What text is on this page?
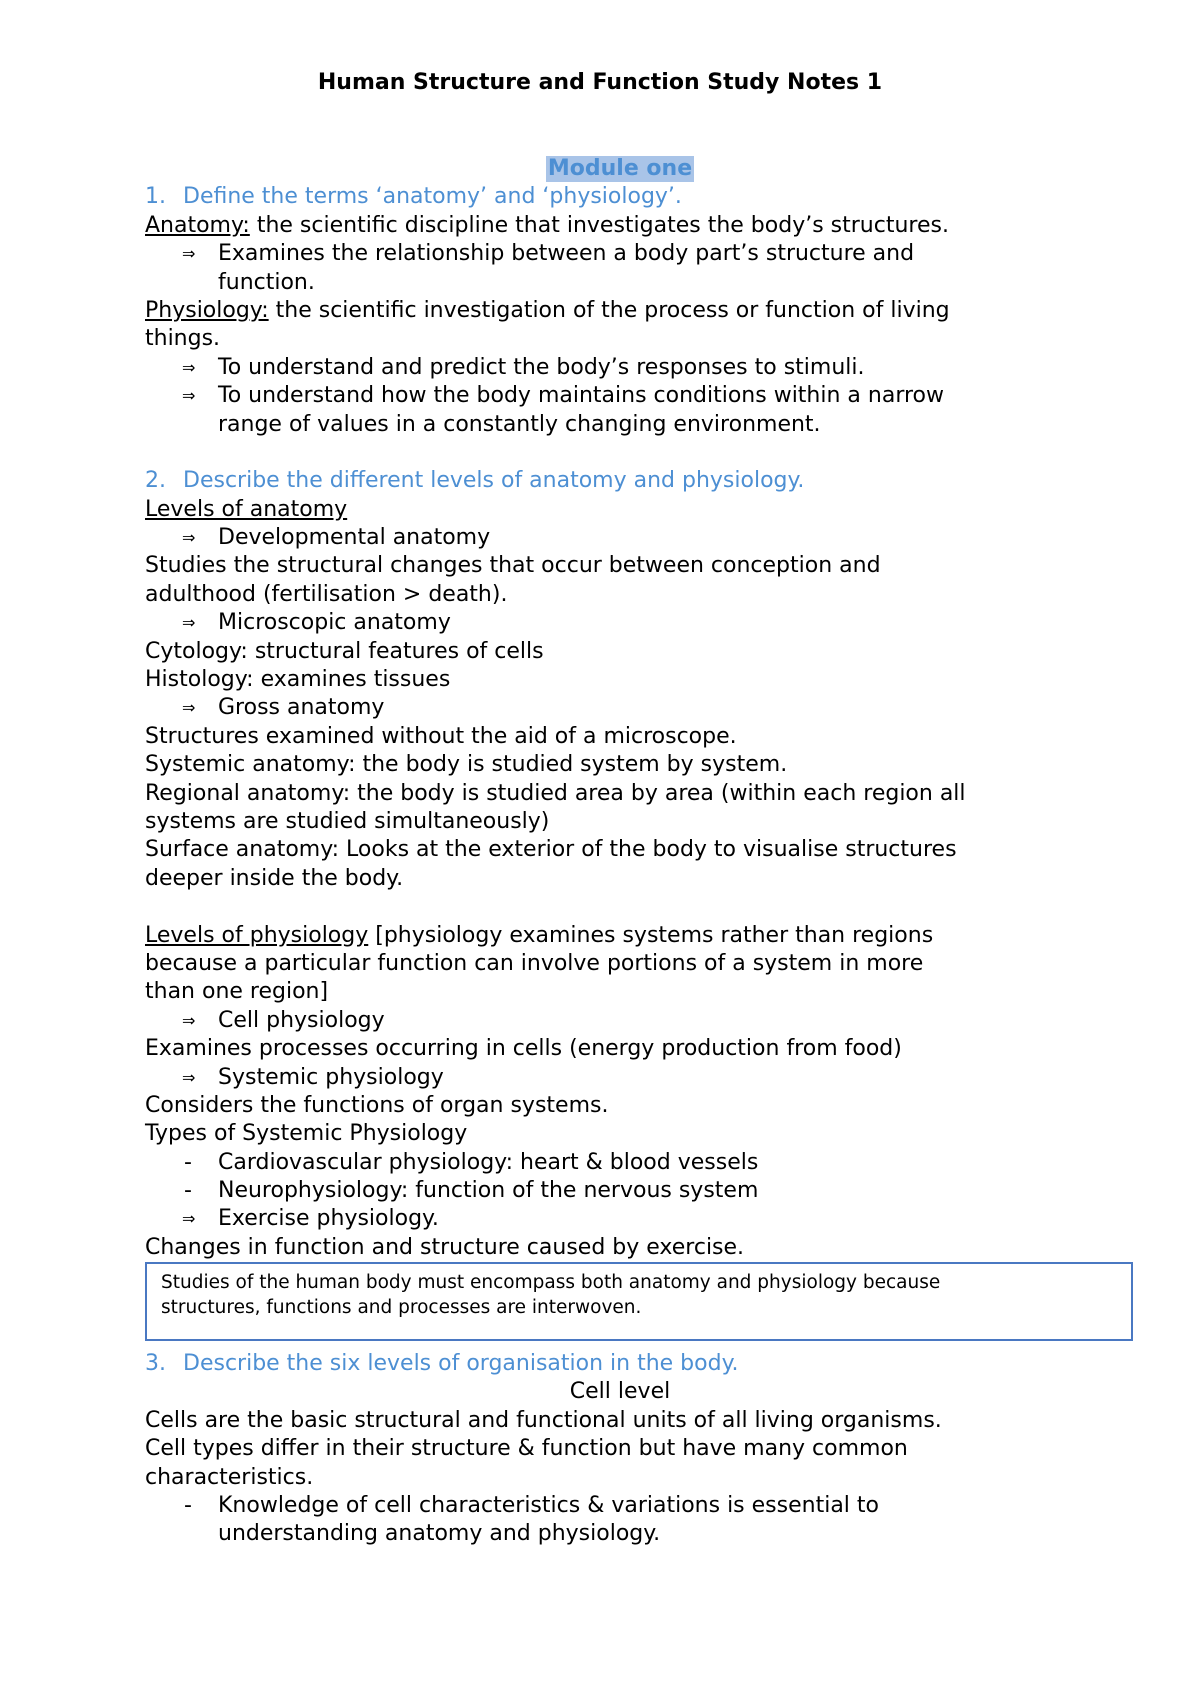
Human Structure and Function Study Notes 1
Module one
1. Define the terms ‘anatomy’ and ‘physiology’.
Anatomy: the scientific discipline that investigates the body’s structures.
⇒ Examines the relationship between a body part’s structure and
function.
Physiology: the scientific investigation of the process or function of living
things.
⇒ To understand and predict the body’s responses to stimuli.
⇒ To understand how the body maintains conditions within a narrow
range of values in a constantly changing environment.
2. Describe the different levels of anatomy and physiology.
Levels of anatomy
⇒ Developmental anatomy
Studies the structural changes that occur between conception and
adulthood (fertilisation > death).
⇒ Microscopic anatomy
Cytology: structural features of cells
Histology: examines tissues
⇒ Gross anatomy
Structures examined without the aid of a microscope.
Systemic anatomy: the body is studied system by system.
Regional anatomy: the body is studied area by area (within each region all
systems are studied simultaneously)
Surface anatomy: Looks at the exterior of the body to visualise structures
deeper inside the body.
Levels of physiology [physiology examines systems rather than regions
because a particular function can involve portions of a system in more
than one region]
⇒ Cell physiology
Examines processes occurring in cells (energy production from food)
⇒ Systemic physiology
Considers the functions of organ systems.
Types of Systemic Physiology
- Cardiovascular physiology: heart & blood vessels
- Neurophysiology: function of the nervous system
⇒ Exercise physiology.
Changes in function and structure caused by exercise.
Studies of the human body must encompass both anatomy and physiology because
structures, functions and processes are interwoven.
3. Describe the six levels of organisation in the body.
Cell level
Cells are the basic structural and functional units of all living organisms.
Cell types differ in their structure & function but have many common
characteristics.
- Knowledge of cell characteristics & variations is essential to
understanding anatomy and physiology.
